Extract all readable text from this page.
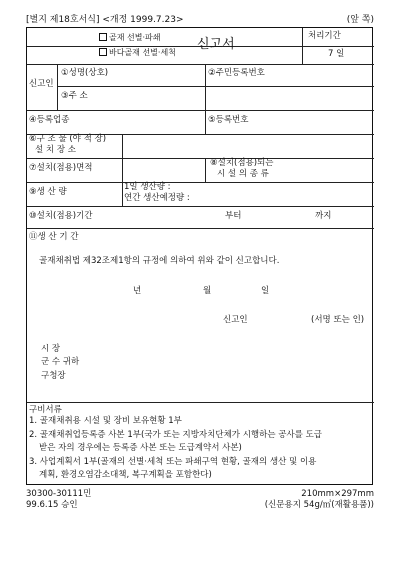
[별지 제18호서식] <개정 1999.7.23>	(앞 쪽)
골재 선별·파쇄
바다골재 선별·세척
신고서
처리기간
7 일
신고인
①성명(상호)	②주민등록번호
③주 소
④등록업종	⑤등록번호
⑥구 조 물 (야 적 장)
설 치 장 소
⑦설치(점용)면적	⑧설치(점용)되는
시 설 의 종 류
⑨생 산 량	1일 생산량 :
연간 생산예정량 :
⑩설치(점용)기간	부터	까지
⑪생 산 기 간
골재채취법 제32조제1항의 규정에 의하여 위와 같이 신고합니다.
년	월	일
신고인	(서명 또는 인)
시 장
군 수 귀하
구청장
구비서류
1. 골재채취용 시설 및 장비 보유현황 1부
2. 골재채취업등록증 사본 1부(국가 또는 지방자치단체가 시행하는 공사를 도급
받은 자의 경우에는 등록증 사본 또는 도급계약서 사본)
3. 사업계획서 1부(골재의 선별·세척 또는 파쇄구역 현황, 골재의 생산 및 이용
계획, 환경오염감소대책, 복구계획을 포함한다)
30300-30111민
99.6.15 승인
210mm×297mm
(신문용지 54g/㎡(재활용품))
